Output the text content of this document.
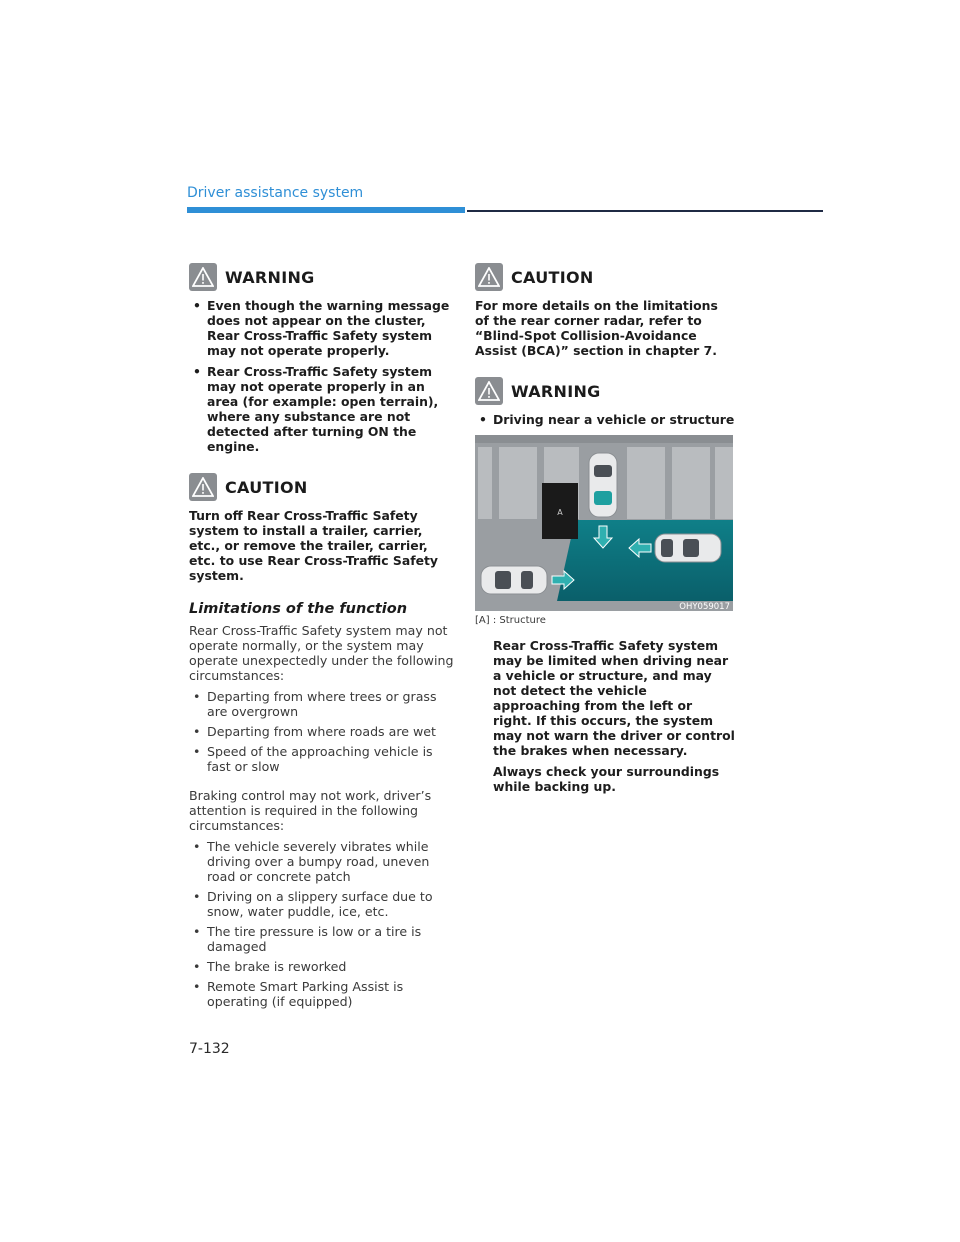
Driver assistance system
WARNING
• Even though the warning message does not appear on the cluster, Rear Cross-Traffic Safety system may not operate properly.
• Rear Cross-Traffic Safety system may not operate properly in an area (for example: open terrain), where any substance are not detected after turning ON the engine.
CAUTION

Turn off Rear Cross-Traffic Safety system to install a trailer, carrier, etc., or remove the trailer, carrier, etc. to use Rear Cross-Traffic Safety system.

Limitations of the function

Rear Cross-Traffic Safety system may not operate normally, or the system may operate unexpectedly under the following circumstances:

• Departing from where trees or grass are overgrown
• Departing from where roads are wet
• Speed of the approaching vehicle is fast or slow

Braking control may not work, driver’s attention is required in the following circumstances:

• The vehicle severely vibrates while driving over a bumpy road, uneven road or concrete patch
• Driving on a slippery surface due to snow, water puddle, ice, etc.
• The tire pressure is low or a tire is damaged
• The brake is reworked
• Remote Smart Parking Assist is operating (if equipped)
CAUTION

For more details on the limitations of the rear corner radar, refer to “Blind-Spot Collision-Avoidance Assist (BCA)” section in chapter 7.

WARNING
• Driving near a vehicle or structure
A
OHY059017

[A] : Structure

Rear Cross-Traffic Safety system may be limited when driving near a vehicle or structure, and may not detect the vehicle approaching from the left or right. If this occurs, the system may not warn the driver or control the brakes when necessary.

Always check your surroundings while backing up.

7-132
